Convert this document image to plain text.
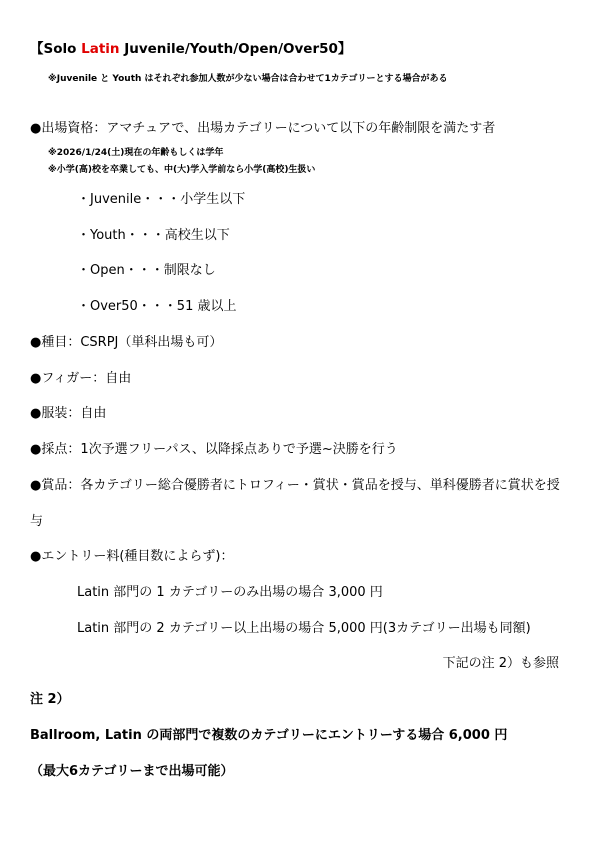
【Solo Latin Juvenile/Youth/Open/Over50】
※Juvenile と Youth はそれぞれ参加人数が少ない場合は合わせて1カテゴリーとする場合がある
●出場資格：アマチュアで、出場カテゴリーについて以下の年齢制限を満たす者
※2026/1/24(土)現在の年齢もしくは学年
※小学(高)校を卒業しても、中(大)学入学前なら小学(高校)生扱い
・Juvenile・・・小学生以下
・Youth・・・高校生以下
・Open・・・制限なし
・Over50・・・51 歳以上
●種目：CSRPJ（単科出場も可）
●フィガー：自由
●服装：自由
●採点：1次予選フリーパス、以降採点ありで予選~決勝を行う
●賞品：各カテゴリー総合優勝者にトロフィー・賞状・賞品を授与、単科優勝者に賞状を授
与
●エントリー料(種目数によらず)：
Latin 部門の 1 カテゴリーのみ出場の場合 3,000 円
Latin 部門の 2 カテゴリー以上出場の場合 5,000 円(3カテゴリー出場も同額)
下記の注 2）も参照
注 2）
Ballroom, Latin の両部門で複数のカテゴリーにエントリーする場合 6,000 円
（最大6カテゴリーまで出場可能）
